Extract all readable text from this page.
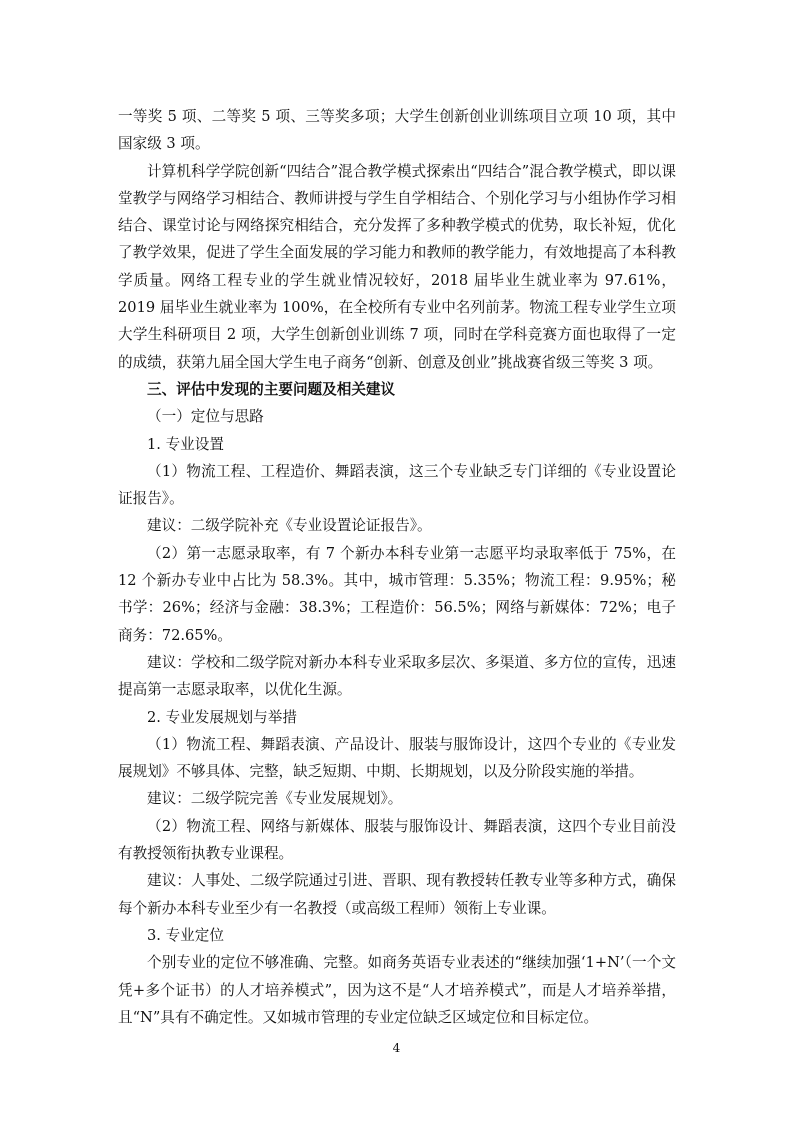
一等奖 5 项、二等奖 5 项、三等奖多项；大学生创新创业训练项目立项 10 项，其中国家级 3 项。

计算机科学学院创新“四结合”混合教学模式探索出“四结合”混合教学模式，即以课堂教学与网络学习相结合、教师讲授与学生自学相结合、个别化学习与小组协作学习相结合、课堂讨论与网络探究相结合，充分发挥了多种教学模式的优势，取长补短，优化了教学效果，促进了学生全面发展的学习能力和教师的教学能力，有效地提高了本科教学质量。网络工程专业的学生就业情况较好，2018 届毕业生就业率为 97.61%，2019 届毕业生就业率为 100%，在全校所有专业中名列前茅。物流工程专业学生立项大学生科研项目 2 项，大学生创新创业训练 7 项，同时在学科竞赛方面也取得了一定的成绩，获第九届全国大学生电子商务“创新、创意及创业”挑战赛省级三等奖 3 项。

三、评估中发现的主要问题及相关建议

（一）定位与思路

1. 专业设置

（1）物流工程、工程造价、舞蹈表演，这三个专业缺乏专门详细的《专业设置论证报告》。

建议：二级学院补充《专业设置论证报告》。

（2）第一志愿录取率，有 7 个新办本科专业第一志愿平均录取率低于 75%，在 12 个新办专业中占比为 58.3%。其中，城市管理：5.35%；物流工程：9.95%；秘书学：26%；经济与金融：38.3%；工程造价：56.5%；网络与新媒体：72%；电子商务：72.65%。

建议：学校和二级学院对新办本科专业采取多层次、多渠道、多方位的宣传，迅速提高第一志愿录取率，以优化生源。

2. 专业发展规划与举措

（1）物流工程、舞蹈表演、产品设计、服装与服饰设计，这四个专业的《专业发展规划》不够具体、完整，缺乏短期、中期、长期规划，以及分阶段实施的举措。

建议：二级学院完善《专业发展规划》。

（2）物流工程、网络与新媒体、服装与服饰设计、舞蹈表演，这四个专业目前没有教授领衔执教专业课程。

建议：人事处、二级学院通过引进、晋职、现有教授转任教专业等多种方式，确保每个新办本科专业至少有一名教授（或高级工程师）领衔上专业课。

3. 专业定位

个别专业的定位不够准确、完整。如商务英语专业表述的“继续加强‘1+N’（一个文凭+多个证书）的人才培养模式”，因为这不是“人才培养模式”，而是人才培养举措，且“N”具有不确定性。又如城市管理的专业定位缺乏区域定位和目标定位。

4
